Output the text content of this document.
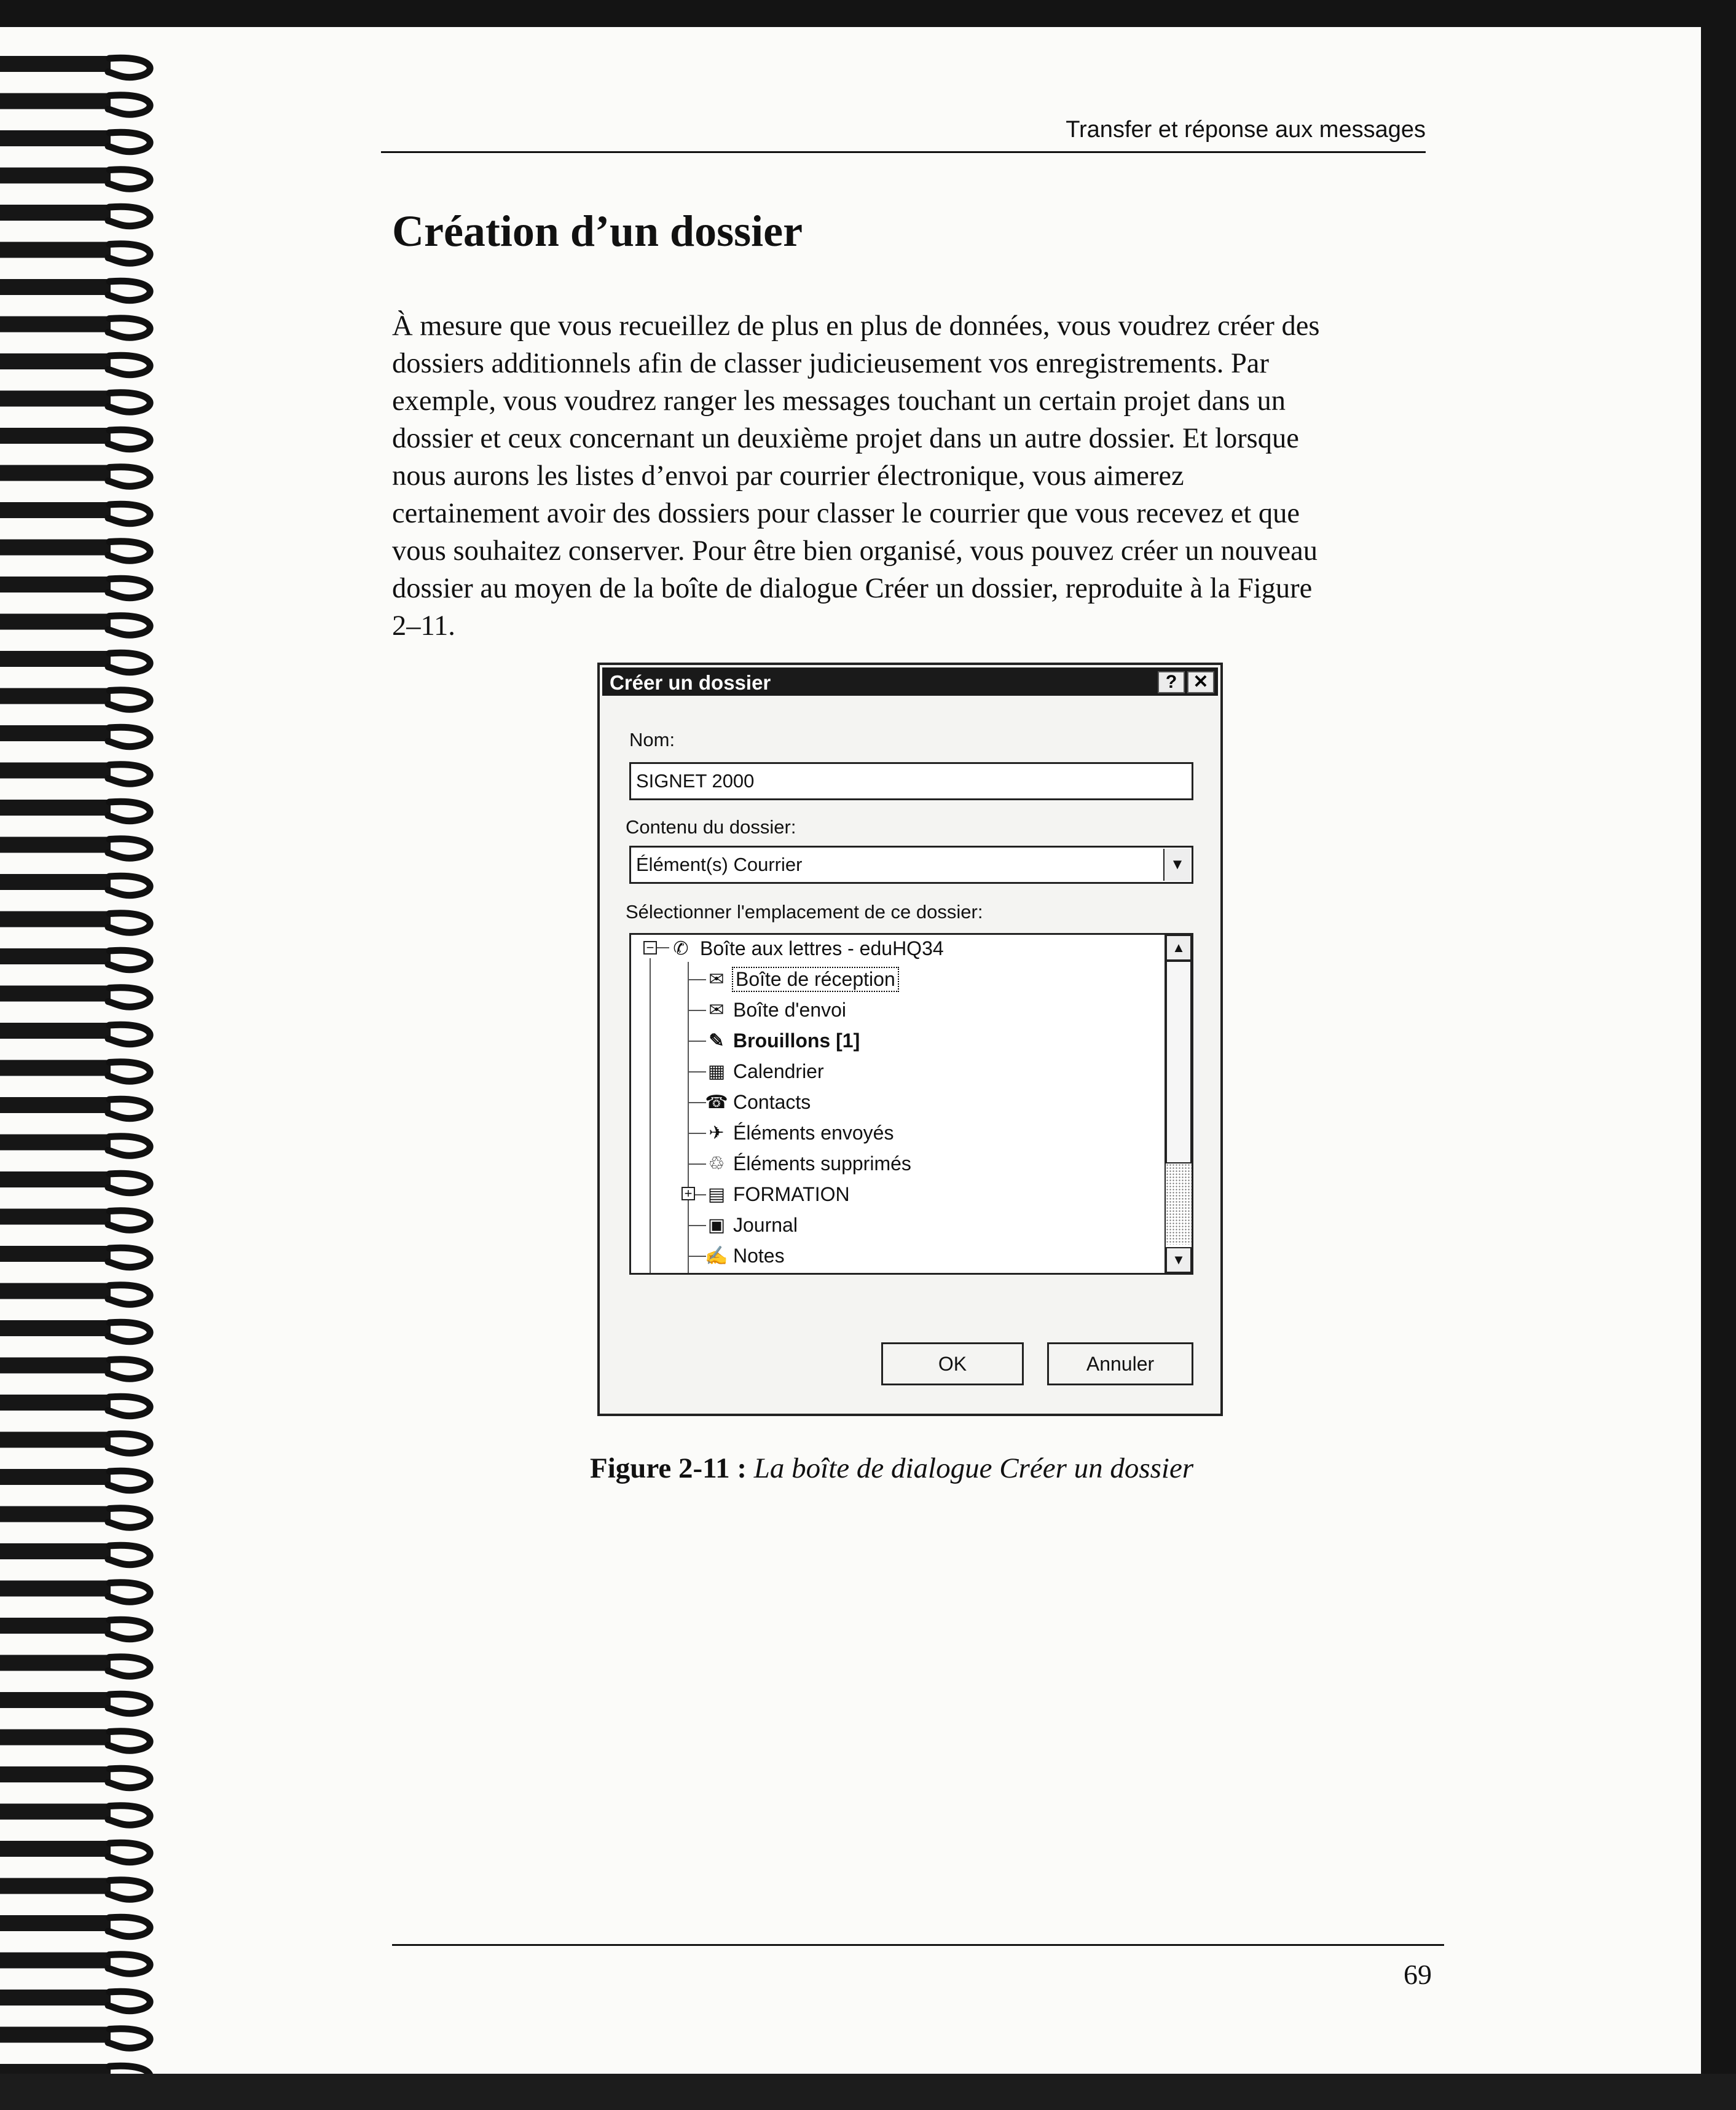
Transfer et réponse aux messages
Création d’un dossier

À mesure que vous recueillez de plus en plus de données, vous voudrez créer des
dossiers additionnels afin de classer judicieusement vos enregistrements. Par
exemple, vous voudrez ranger les messages touchant un certain projet dans un
dossier et ceux concernant un deuxième projet dans un autre dossier. Et lorsque
nous aurons les listes d’envoi par courrier électronique, vous aimerez
certainement avoir des dossiers pour classer le courrier que vous recevez et que
vous souhaitez conserver. Pour être bien organisé, vous pouvez créer un nouveau
dossier au moyen de la boîte de dialogue Créer un dossier, reproduite à la Figure
2–11.

Créer un dossier	? ✕
Nom:
SIGNET 2000
Contenu du dossier:
Élément(s) Courrier	▼
Sélectionner l'emplacement de ce dossier:
− ✆ Boîte aux lettres - eduHQ34
✉ Boîte de réception
✉ Boîte d'envoi
✎ Brouillons [1]
▦ Calendrier
☎ Contacts
✈ Éléments envoyés
♲ Éléments supprimés
+ ▤ FORMATION
▣ Journal
✍ Notes
▲
▼
OK	Annuler
Figure 2-11 : La boîte de dialogue Créer un dossier
69
